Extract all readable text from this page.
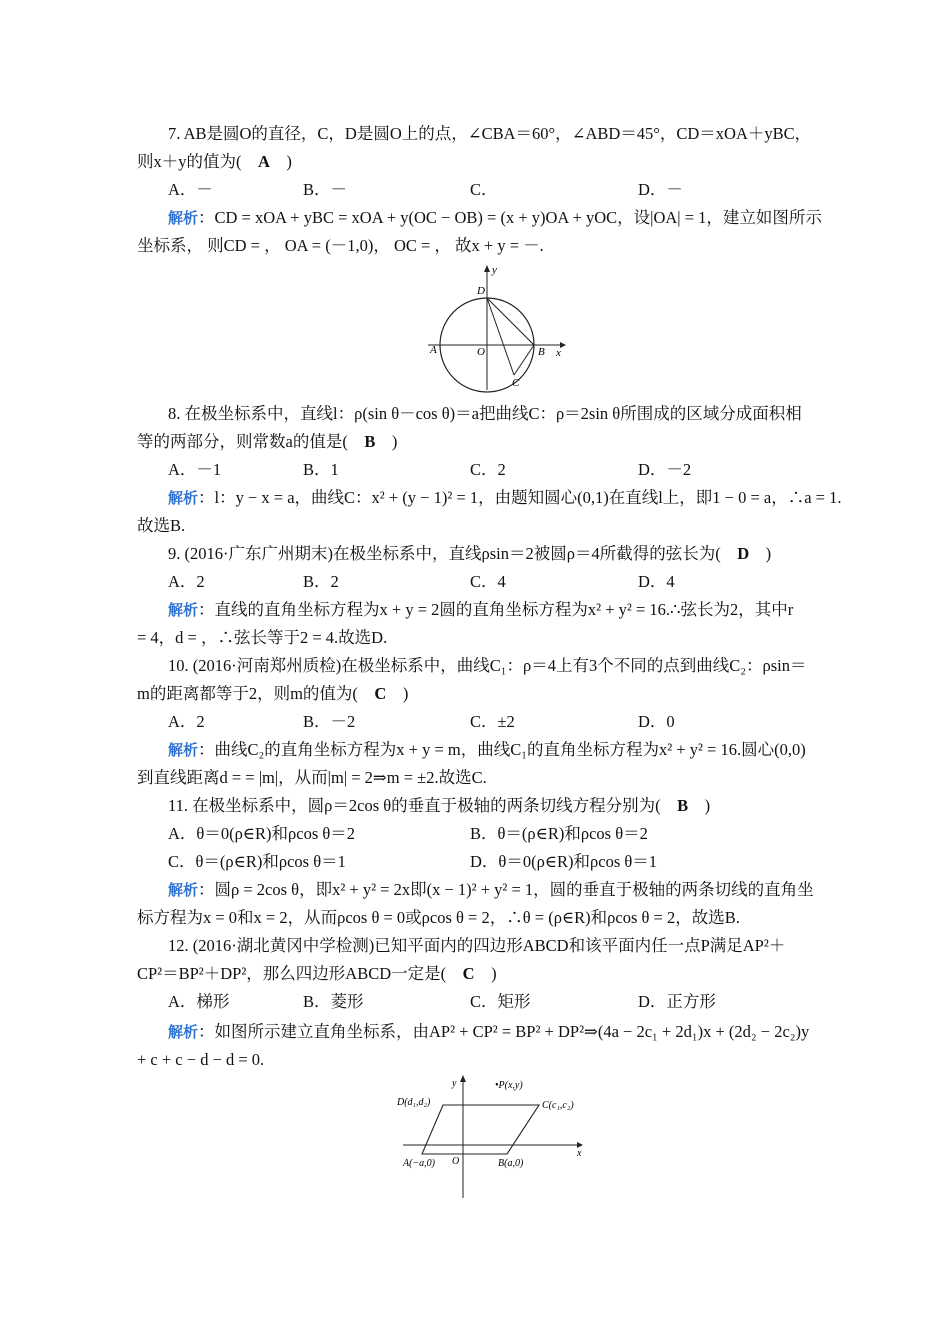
7. AB是圆O的直径，C，D是圆O上的点，∠CBA＝60°，∠ABD＝45°，CD＝xOA＋yBC，
则x＋y的值为(　A　)
A．－	B．－	C．	D．－
解析：CD = xOA + yBC = xOA + y(OC − OB) = (x + y)OA + yOC，设|OA| = 1，建立如图所示
坐标系， 则CD = ， OA = (－1,0)， OC = ， 故x + y = －.
y
x
D
A	O	B
C
8. 在极坐标系中，直线l：ρ(sin θ－cos θ)＝a把曲线C：ρ＝2sin θ所围成的区域分成面积相
等的两部分，则常数a的值是(　B　)
A．－1	B．1	C．2	D．－2
解析：l：y − x = a，曲线C：x² + (y − 1)² = 1，由题知圆心(0,1)在直线l上，即1 − 0 = a，∴a = 1.
故选B.
9. (2016·广东广州期末)在极坐标系中，直线ρsin＝2被圆ρ＝4所截得的弦长为(　D　)
A．2	B．2	C．4	D．4
解析：直线的直角坐标方程为x + y = 2圆的直角坐标方程为x² + y² = 16.∴弦长为2，其中r
= 4，d = ，∴弦长等于2 = 4.故选D.
10. (2016·河南郑州质检)在极坐标系中，曲线C₁：ρ＝4上有3个不同的点到曲线C₂：ρsin＝
m的距离都等于2，则m的值为(　C　)
A．2	B．－2	C．±2	D．0
解析：曲线C₂的直角坐标方程为x + y = m，曲线C₁的直角坐标方程为x² + y² = 16.圆心(0,0)
到直线距离d = = |m|，从而|m| = 2⇒m = ±2.故选C.
11. 在极坐标系中，圆ρ＝2cos θ的垂直于极轴的两条切线方程分别为(　B　)
A．θ＝0(ρ∈R)和ρcos θ＝2	B．θ＝(ρ∈R)和ρcos θ＝2
C．θ＝(ρ∈R)和ρcos θ＝1	D．θ＝0(ρ∈R)和ρcos θ＝1
解析：圆ρ = 2cos θ，即x² + y² = 2x即(x − 1)² + y² = 1，圆的垂直于极轴的两条切线的直角坐
标方程为x = 0和x = 2，从而ρcos θ = 0或ρcos θ = 2，∴θ = (ρ∈R)和ρcos θ = 2，故选B.
12. (2016·湖北黄冈中学检测)已知平面内的四边形ABCD和该平面内任一点P满足AP²＋
CP²＝BP²＋DP²，那么四边形ABCD一定是(　C　)
A．梯形	B．菱形	C．矩形	D．正方形
解析：如图所示建立直角坐标系，由AP² + CP² = BP² + DP²⇒(4a − 2c₁ + 2d₁)x + (2d₂ − 2c₂)y
+ c + c − d − d = 0.
y
x
•P(x,y)
D(d₁,d₂)	C(c₁,c₂)
A(−a,0) O	B(a,0)
